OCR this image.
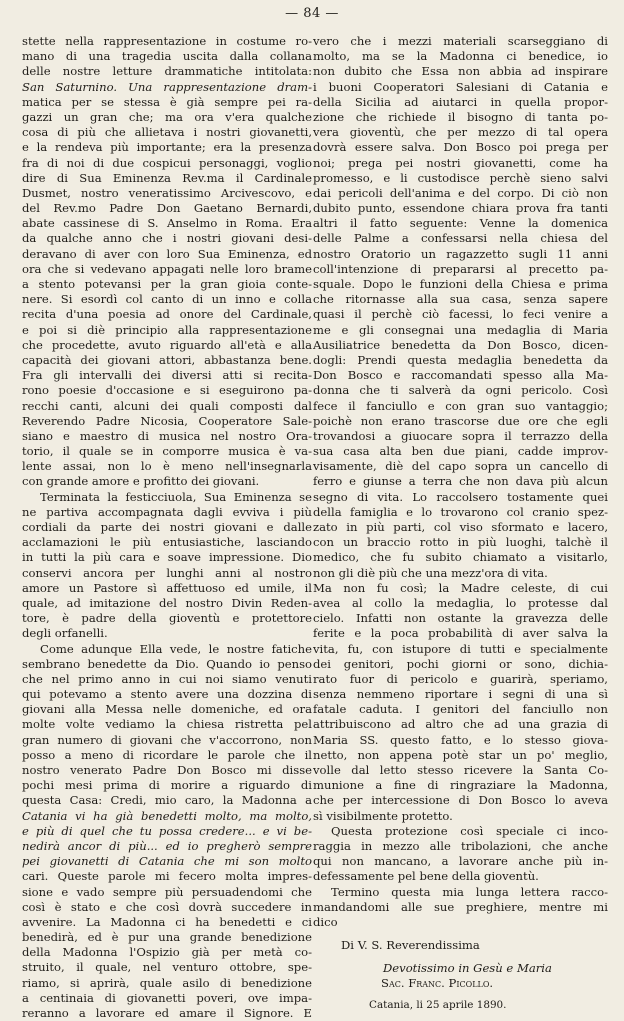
— 84 —
stette nella rappresentazione in costume ro-
mano di una tragedia uscita dalla collana
delle nostre letture drammatiche intitolata:
San Saturnino. Una rappresentazione dram-
matica per se stessa è già sempre pei ra-
gazzi un gran che; ma ora v'era qualche
cosa di più che allietava i nostri giovanetti,
e la rendeva più importante; era la presenza
fra di noi di due cospicui personaggi, voglio
dire di Sua Eminenza Rev.ma il Cardinale
Dusmet, nostro veneratissimo Arcivescovo, e
del Rev.mo Padre Don Gaetano Bernardi,
abate cassinese di S. Anselmo in Roma. Era
da qualche anno che i nostri giovani desi-
deravano di aver con loro Sua Eminenza, ed
ora che si vedevano appagati nelle loro brame
a stento potevansi per la gran gioia conte-
nere. Si esordì col canto di un inno e colla
recita d'una poesia ad onore del Cardinale,
e poi si diè principio alla rappresentazione
che procedette, avuto riguardo all'età e alla
capacità dei giovani attori, abbastanza bene.
Fra gli intervalli dei diversi atti si recita-
rono poesie d'occasione e si eseguirono pa-
recchi canti, alcuni dei quali composti dal
Reverendo Padre Nicosia, Cooperatore Sale-
siano e maestro di musica nel nostro Ora-
torio, il quale se in comporre musica è va-
lente assai, non lo è meno nell'insegnarla
con grande amore e profitto dei giovani.
Terminata la festicciuola, Sua Eminenza se
ne partiva accompagnata dagli evviva i più
cordiali da parte dei nostri giovani e dalle
acclamazioni le più entusiastiche, lasciando
in tutti la più cara e soave impressione. Dio
conservi ancora per lunghi anni al nostro
amore un Pastore sì affettuoso ed umile, il
quale, ad imitazione del nostro Divin Reden-
tore, è padre della gioventù e protettore
degli orfanelli.
Come adunque Ella vede, le nostre fatiche
sembrano benedette da Dio. Quando io penso
che nel primo anno in cui noi siamo venuti
qui potevamo a stento avere una dozzina di
giovani alla Messa nelle domeniche, ed ora
molte volte vediamo la chiesa ristretta pel
gran numero di giovani che v'accorrono, non
posso a meno di ricordare le parole che il
nostro venerato Padre Don Bosco mi disse
pochi mesi prima di morire a riguardo di
questa Casa: Credi, mio caro, la Madonna a
Catania vi ha già benedetti molto, ma molto,
e più di quel che tu possa credere... e vi be-
nedirà ancor di più... ed io pregherò sempre
pei giovanetti di Catania che mi son molto
cari. Queste parole mi fecero molta impres-
sione e vado sempre più persuadendomi che
così è stato e che così dovrà succedere in
avvenire. La Madonna ci ha benedetti e ci
benedirà, ed è pur una grande benedizione
della Madonna l'Ospizio già per metà co-
struito, il quale, nel venturo ottobre, spe-
riamo, si aprirà, quale asilo di benedizione
a centinaia di giovanetti poveri, ove impa-
reranno a lavorare ed amare il Signore. E
vero che i mezzi materiali scarseggiano di
molto, ma se la Madonna ci benedice, io
non dubito che Essa non abbia ad inspirare
i buoni Cooperatori Salesiani di Catania e
della Sicilia ad aiutarci in quella propor-
zione che richiede il bisogno di tanta po-
vera gioventù, che per mezzo di tal opera
dovrà essere salva. Don Bosco poi prega per
noi; prega pei nostri giovanetti, come ha
promesso, e li custodisce perchè sieno salvi
dai pericoli dell'anima e del corpo. Di ciò non
dubito punto, essendone chiara prova fra tanti
altri il fatto seguente: Venne la domenica
delle Palme a confessarsi nella chiesa del
nostro Oratorio un ragazzetto sugli 11 anni
coll'intenzione di prepararsi al precetto pa-
squale. Dopo le funzioni della Chiesa e prima
che ritornasse alla sua casa, senza sapere
quasi il perchè ciò facessi, lo feci venire a
me e gli consegnai una medaglia di Maria
Ausiliatrice benedetta da Don Bosco, dicen-
dogli: Prendi questa medaglia benedetta da
Don Bosco e raccomandati spesso alla Ma-
donna che ti salverà da ogni pericolo. Così
fece il fanciullo e con gran suo vantaggio;
poichè non erano trascorse due ore che egli
trovandosi a giuocare sopra il terrazzo della
sua casa alta ben due piani, cadde improv-
visamente, diè del capo sopra un cancello di
ferro e giunse a terra che non dava più alcun
segno di vita. Lo raccolsero tostamente quei
della famiglia e lo trovarono col cranio spez-
zato in più parti, col viso sformato e lacero,
con un braccio rotto in più luoghi, talchè il
medico, che fu subito chiamato a visitarlo,
non gli diè più che una mezz'ora di vita.
Ma non fu così; la Madre celeste, di cui
avea al collo la medaglia, lo protesse dal
cielo. Infatti non ostante la gravezza delle
ferite e la poca probabilità di aver salva la
vita, fu, con istupore di tutti e specialmente
dei genitori, pochi giorni or sono, dichia-
rato fuor di pericolo e guarirà, speriamo,
senza nemmeno riportare i segni di una sì
fatale caduta. I genitori del fanciullo non
attribuiscono ad altro che ad una grazia di
Maria SS. questo fatto, e lo stesso giova-
netto, non appena potè star un po' meglio,
volle dal letto stesso ricevere la Santa Co-
munione a fine di ringraziare la Madonna,
che per intercessione di Don Bosco lo aveva
sì visibilmente protetto.
Questa protezione così speciale ci inco-
raggia in mezzo alle tribolazioni, che anche
qui non mancano, a lavorare anche più in-
defessamente pel bene della gioventù.
Termino questa mia lunga lettera racco-
mandandomi alle sue preghiere, mentre mi
dico
Di V. S. Reverendissima
Devotissimo in Gesù e Maria
Sac. Franc. Picollo.
Catania, li 25 aprile 1890.
